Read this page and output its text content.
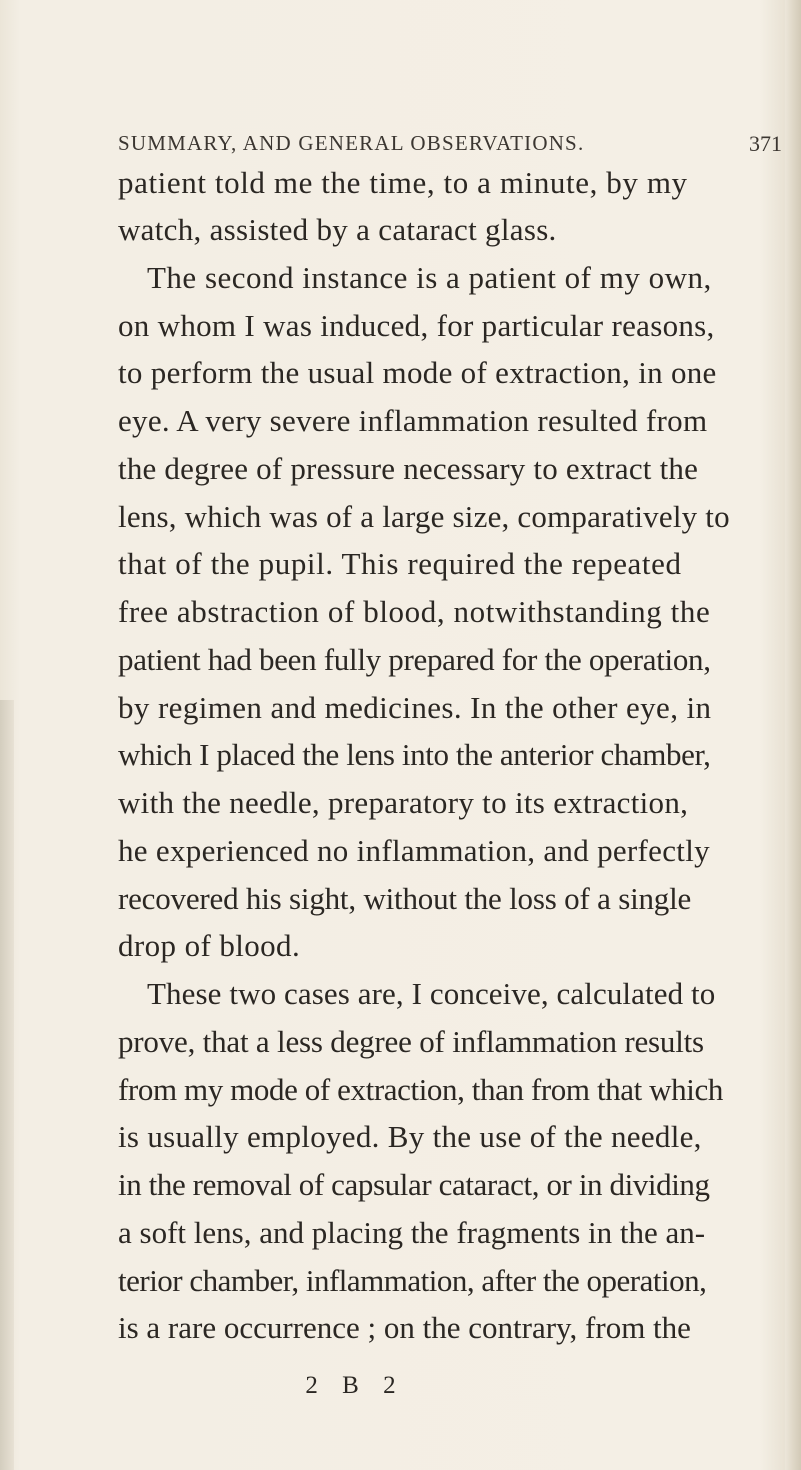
SUMMARY, AND GENERAL OBSERVATIONS.	371
patient told me the time, to a minute, by my
watch, assisted by a cataract glass.
The second instance is a patient of my own,
on whom I was induced, for particular reasons,
to perform the usual mode of extraction, in one
eye. A very severe inflammation resulted from
the degree of pressure necessary to extract the
lens, which was of a large size, comparatively to
that of the pupil. This required the repeated
free abstraction of blood, notwithstanding the
patient had been fully prepared for the operation,
by regimen and medicines. In the other eye, in
which I placed the lens into the anterior chamber,
with the needle, preparatory to its extraction,
he experienced no inflammation, and perfectly
recovered his sight, without the loss of a single
drop of blood.
These two cases are, I conceive, calculated to
prove, that a less degree of inflammation results
from my mode of extraction, than from that which
is usually employed. By the use of the needle,
in the removal of capsular cataract, or in dividing
a soft lens, and placing the fragments in the an-
terior chamber, inflammation, after the operation,
is a rare occurrence ; on the contrary, from the
2 B 2
